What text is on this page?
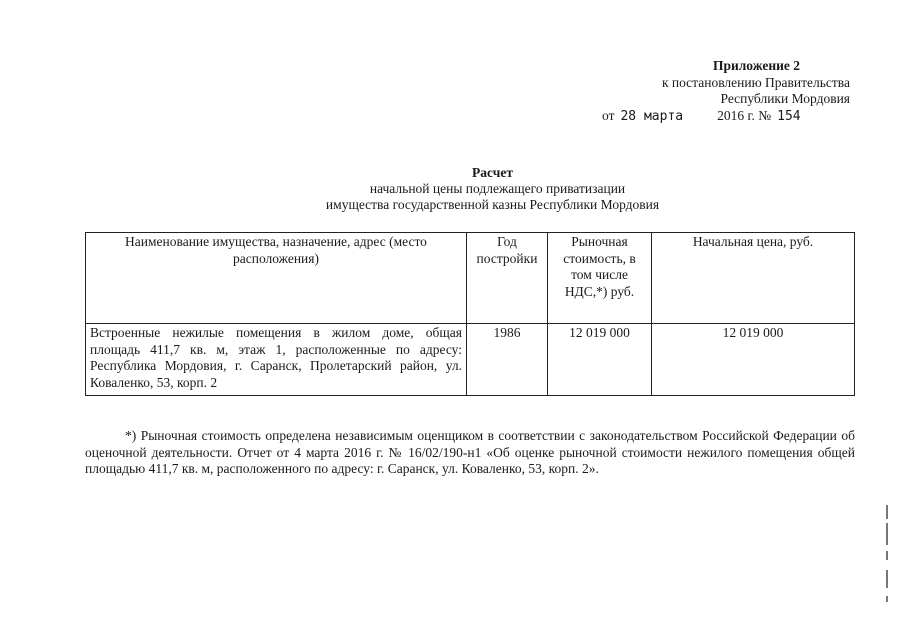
Приложение 2
к постановлению Правительства
Республики Мордовия
от 28 марта	2016 г. № 154
Расчет
начальной цены подлежащего приватизации
имущества государственной казны Республики Мордовия
Наименование имущества, назначение, адрес (место расположения)	Год постройки	Рыночная стоимость, в том числе НДС,*) руб.	Начальная цена, руб.
Встроенные нежилые помещения в жилом доме, общая площадь 411,7 кв. м, этаж 1, расположенные по адресу: Республика Мордовия, г. Саранск, Пролетарский район, ул. Коваленко, 53, корп. 2	1986	12 019 000	12 019 000
*) Рыночная стоимость определена независимым оценщиком в соответствии с законодательством Российской Федерации об оценочной деятельности. Отчет от 4 марта 2016 г. № 16/02/190-н1 «Об оценке рыночной стоимости нежилого помещения общей площадью 411,7 кв. м, расположенного по адресу: г. Саранск, ул. Коваленко, 53, корп. 2».
